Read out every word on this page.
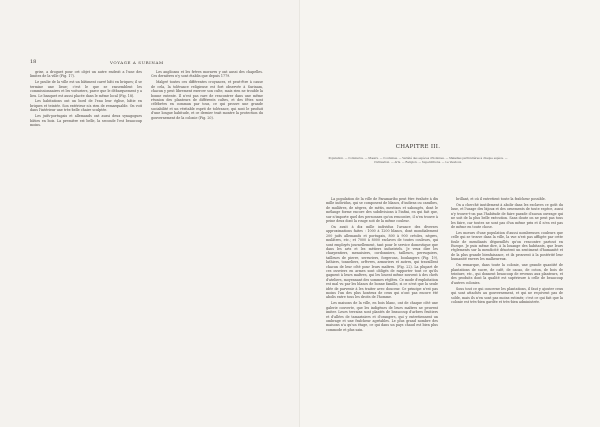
18	VOYAGE A SURINAM

grise, a droguet pour cet objet un autre endroit a l'une des limites de la ville (Fig. 17).

Le poulie de la ville est un bâtiment carré bâti en briques; il se termine une lieue; c'est le que se rassemblent les commissionnaires et les voituriers, parce que le débarquement y a lieu. Le banquet est aussi placée dans le même local (Fig. 18).

Les habitations ont un bord de l'eau leur église, bâtie en briques et teintée. Son extérieur n'a rien de remarquable. On voit dans l'intérieur une très-belle chaire sculptée.

Les juifs-portugais et allemands ont aussi deux synagogues bâties en bois. La première est belle, la seconde l'est beaucoup moins.

Les anglicans et les frères moraves y ont aussi des chapelles. Ces dernières n'y sont établis que depuis 1779.

Malgré toutes ces différentes croyances, et peut-être à cause de cela, la tolérance religieuse est fort observée à Surinam, chacun y peut librement exercer son culte, mais rien ne trouble la bonne entente. Il n'est pas rare de rencontrer dans une même réunion des planteurs de différents cultes, et des fêtes sont célébrées en commun par tous, ce qui prouve une grande sociabilité et un véritable esprit de tolérance, qui sont le produit d'une longue habitude, et ce dernier trait montre la protection du gouvernement de la colonie (Fig. 20).

CHAPITRE III.
Population. — Commerce. — Mœurs. — Coutumes. — Variété des espèces d'hommes. — Maladies particulières à chaque espèce. — Civilisation. — Arts. — Religion. — Superstitions. — Le Vaudoux.

La population de la ville de Paramaribo peut être évaluée à dix mille individus, qui se composent de blancs, d'indiens ou caraïbes, de mulâtres, de nègres, de métis, mestizos et sabougés, dont le mélange forme encore des subdivisions à l'infini, en qui fait que, sur n'importe quel des personnes qu'on rencontre, il n'en trouve à peine deux dont la rouge soit de la même couleur.

On avait à dix mille individus l'avance des diverses approximations faites : 1000 à 1200 blancs, dont mondialement 200 juifs allemands et portugais, 800 à 900 créoles, nègres, mulâtres, etc.; et 7000 à 8000 esclaves de toutes couleurs, qui sont employés journellement, tant pour le service domestique que dans les arts et les métiers industriels. Je veux dire les charpentiers, menuisiers, cordonniers, tailleurs, perruquiers, tailleurs de pierre, serruriers, forgerons, boulangers (Fig. 19), luthiers, tonneliers, orfèvres, armuriers et autres, qui travaillent chacun de leur côté pour leurs maîtres. (Fig. 22). La plupart de ces ouvriers en armes sont obligés de rapporter tout ce qu'ils gagnent à leurs maîtres, qui les louent même souvent à des chefs d'ateliers, moyennant des sommes réglées. Ce mode d'exploitation est mal vu par les blancs de bonne famille, si ce n'est que la seule idée de parvenir à les traiter avec douceur. Ce principe n'est pas moins l'un des plus honteux de ceux qui n'ont pas encore été abolis entre tous les droits de l'homme.

Les maisons de la ville, en bois blanc, ont de chaque côté une galerie couverte, que les indigènes de leurs maîtres ne peuvent imiter. Leurs terrains sont plantés de beaucoup d'arbres fruitiers et d'allées de tamariniers et d'orangers, qui y entretiennent un ombrage et une fraîcheur agréables. Le plus grand nombre des maisons n'a qu'un étage, ce qui dans un pays chaud est bien plus commode et plus sain.

brillant, et où il entretient toute la fraîcheur possible.

On a cherché inutilement à abolir dans les esclaves ce goût du luxe, et l'usage des bijoux et des ornements de toute espèce, aussi n'y trouve-t-on pas l'habitude de faire parade d'aucun ouvrage qui ne soit de la plus belle exécution. Sans doute on ne peut pas tous les faire, car toutes ne sont pas d'un même prix et il n'en est pas de même en toute chose.

Les mœurs d'une population d'aussi nombreuses couleurs que celle qui se trouve dans la ville, la vue n'est pas affligée par cette foule de mendiants déguenillés qu'on rencontre partout en Europe. Je puis même dire, à la louange des habitants, que leurs règlements sur la mendicité dénotent un sentiment d'humanité et de la plus grande bienfaisance, et ils prouvent à la postérité leur humanité envers les malheureux.

On remarque, dans toute la colonie, une grande quantité de plantations de sucre, de café, de cacao, de coton, de bois de teinture, etc., qui donnent beaucoup de revenus aux planteurs, et des produits dont la qualité est supérieure à celle de beaucoup d'autres colonies.

Sous tout ce qui concerne les plantations, il faut y ajouter ceux qui sont attachés au gouvernement, et qui ne reçoivent pas de solde, mais ils n'en sont pas moins estimés; c'est ce qui fait que la colonie est très-bien gardée et très-bien administrée.
